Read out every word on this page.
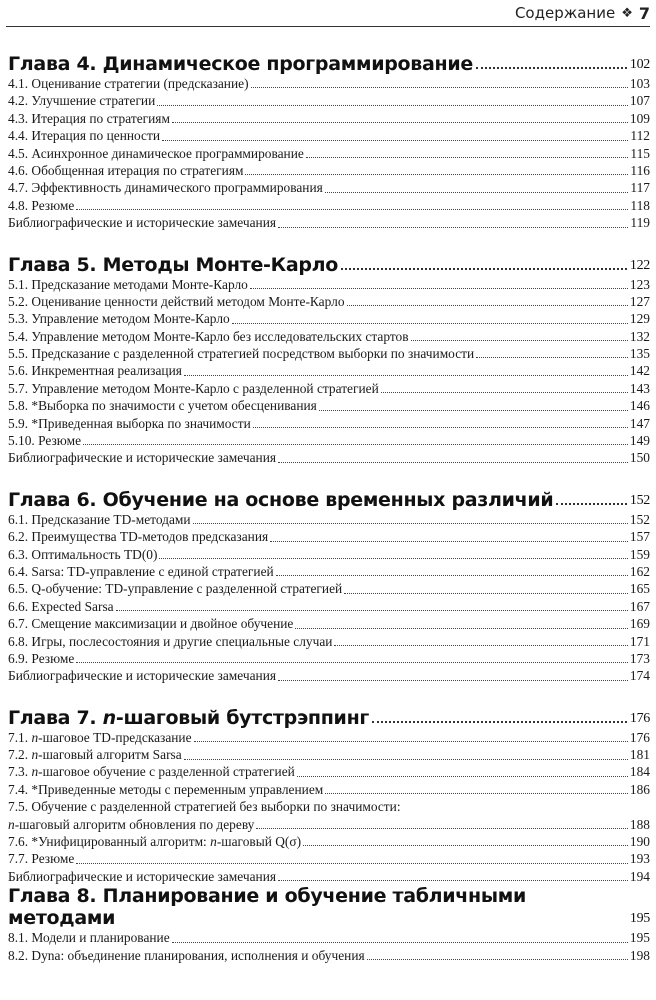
Содержание ❖ 7
Глава 4. Динамическое программирование	102
4.1. Оценивание стратегии (предсказание)	103
4.2. Улучшение стратегии	107
4.3. Итерация по стратегиям	109
4.4. Итерация по ценности	112
4.5. Асинхронное динамическое программирование	115
4.6. Обобщенная итерация по стратегиям	116
4.7. Эффективность динамического программирования	117
4.8. Резюме	118
Библиографические и исторические замечания	119
Глава 5. Методы Монте-Карло	122
5.1. Предсказание методами Монте-Карло	123
5.2. Оценивание ценности действий методом Монте-Карло	127
5.3. Управление методом Монте-Карло	129
5.4. Управление методом Монте-Карло без исследовательских стартов	132
5.5. Предсказание с разделенной стратегией посредством выборки по значимости	135
5.6. Инкрементная реализация	142
5.7. Управление методом Монте-Карло с разделенной стратегией	143
5.8. *Выборка по значимости с учетом обесценивания	146
5.9. *Приведенная выборка по значимости	147
5.10. Резюме	149
Библиографические и исторические замечания	150
Глава 6. Обучение на основе временных различий	152
6.1. Предсказание TD-методами	152
6.2. Преимущества TD-методов предсказания	157
6.3. Оптимальность TD(0)	159
6.4. Sarsa: TD-управление с единой стратегией	162
6.5. Q-обучение: TD-управление с разделенной стратегией	165
6.6. Expected Sarsa	167
6.7. Смещение максимизации и двойное обучение	169
6.8. Игры, послесостояния и другие специальные случаи	171
6.9. Резюме	173
Библиографические и исторические замечания	174
Глава 7. n-шаговый бутстрэппинг	176
7.1. n-шаговое TD-предсказание	176
7.2. n-шаговый алгоритм Sarsa	181
7.3. n-шаговое обучение с разделенной стратегией	184
7.4. *Приведенные методы с переменным управлением	186
7.5. Обучение с разделенной стратегией без выборки по значимости:
n-шаговый алгоритм обновления по дереву	188
7.6. *Унифицированный алгоритм: n-шаговый Q(σ)	190
7.7. Резюме	193
Библиографические и исторические замечания	194
Глава 8. Планирование и обучение табличными методами	195
8.1. Модели и планирование	195
8.2. Dyna: объединение планирования, исполнения и обучения	198
